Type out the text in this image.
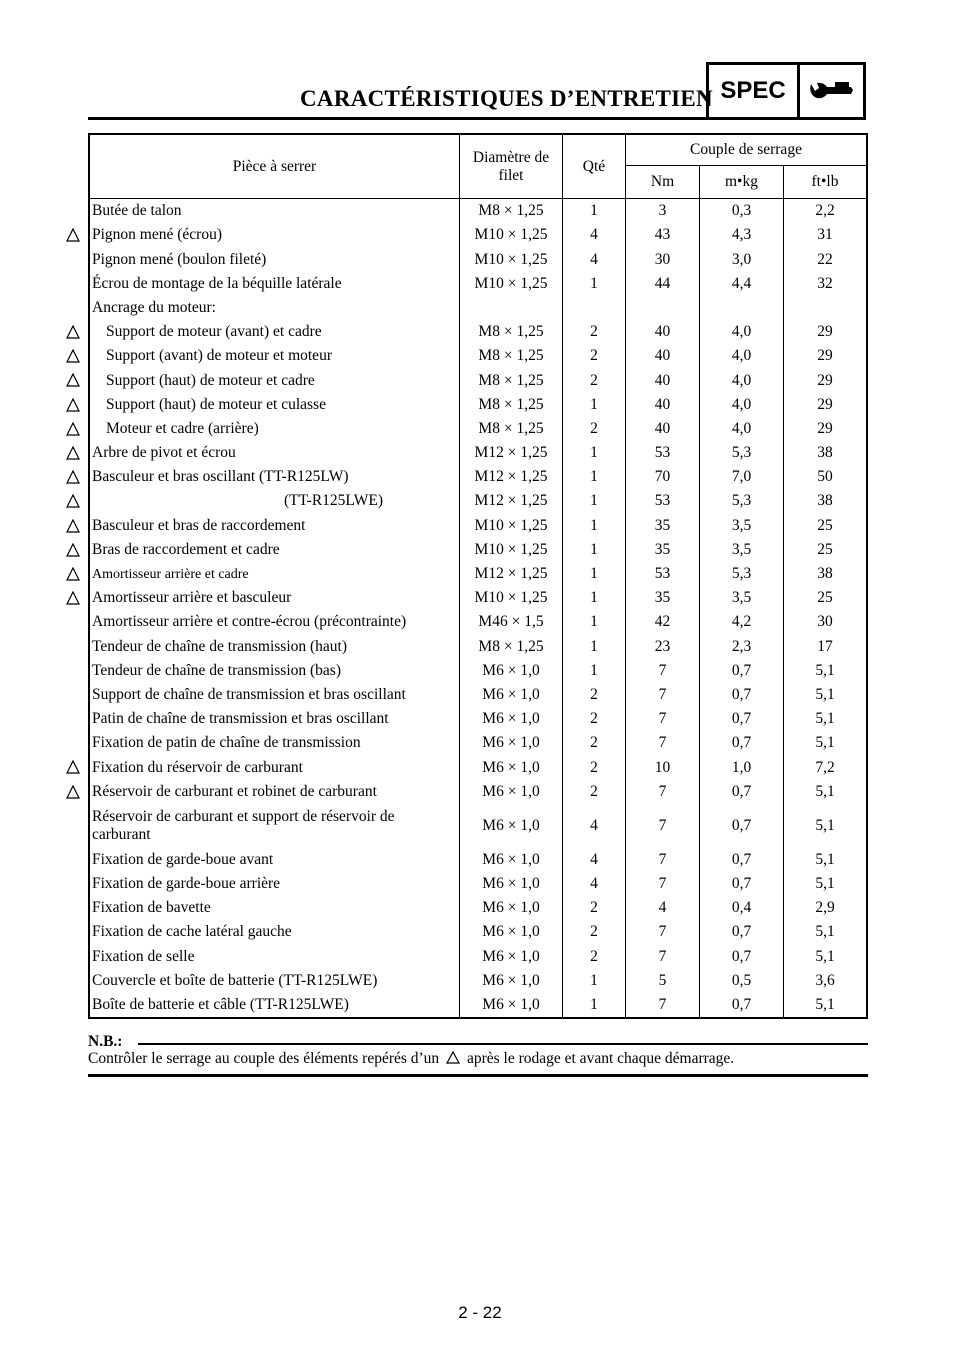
CARACTÉRISTIQUES D’ENTRETIEN SPEC
Pièce à serrer	Diamètre de filet	Qté	Couple de serrage		
			Nm	m•kg	ft•lb
Butée de talon	M8 × 1,25	1	3	0,3	2,2
Pignon mené (écrou)	M10 × 1,25	4	43	4,3	31
Pignon mené (boulon fileté)	M10 × 1,25	4	30	3,0	22
Écrou de montage de la béquille latérale	M10 × 1,25	1	44	4,4	32
Ancrage du moteur:					
Support de moteur (avant) et cadre	M8 × 1,25	2	40	4,0	29
Support (avant) de moteur et moteur	M8 × 1,25	2	40	4,0	29
Support (haut) de moteur et cadre	M8 × 1,25	2	40	4,0	29
Support (haut) de moteur et culasse	M8 × 1,25	1	40	4,0	29
Moteur et cadre (arrière)	M8 × 1,25	2	40	4,0	29
Arbre de pivot et écrou	M12 × 1,25	1	53	5,3	38
Basculeur et bras oscillant (TT-R125LW)	M12 × 1,25	1	70	7,0	50
(TT-R125LWE)	M12 × 1,25	1	53	5,3	38
Basculeur et bras de raccordement	M10 × 1,25	1	35	3,5	25
Bras de raccordement et cadre	M10 × 1,25	1	35	3,5	25
Amortisseur arrière et cadre	M12 × 1,25	1	53	5,3	38
Amortisseur arrière et basculeur	M10 × 1,25	1	35	3,5	25
Amortisseur arrière et contre-écrou (précontrainte)	M46 × 1,5	1	42	4,2	30
Tendeur de chaîne de transmission (haut)	M8 × 1,25	1	23	2,3	17
Tendeur de chaîne de transmission (bas)	M6 × 1,0	1	7	0,7	5,1
Support de chaîne de transmission et bras oscillant	M6 × 1,0	2	7	0,7	5,1
Patin de chaîne de transmission et bras oscillant	M6 × 1,0	2	7	0,7	5,1
Fixation de patin de chaîne de transmission	M6 × 1,0	2	7	0,7	5,1
Fixation du réservoir de carburant	M6 × 1,0	2	10	1,0	7,2
Réservoir de carburant et robinet de carburant	M6 × 1,0	2	7	0,7	5,1
Réservoir de carburant et support de réservoir de carburant	M6 × 1,0	4	7	0,7	5,1
Fixation de garde-boue avant	M6 × 1,0	4	7	0,7	5,1
Fixation de garde-boue arrière	M6 × 1,0	4	7	0,7	5,1
Fixation de bavette	M6 × 1,0	2	4	0,4	2,9
Fixation de cache latéral gauche	M6 × 1,0	2	7	0,7	5,1
Fixation de selle	M6 × 1,0	2	7	0,7	5,1
Couvercle et boîte de batterie (TT-R125LWE)	M6 × 1,0	1	5	0,5	3,6
Boîte de batterie et câble (TT-R125LWE)	M6 × 1,0	1	7	0,7	5,1
N.B.:
Contrôler le serrage au couple des éléments repérés d’un après le rodage et avant chaque démarrage.
2 - 22
